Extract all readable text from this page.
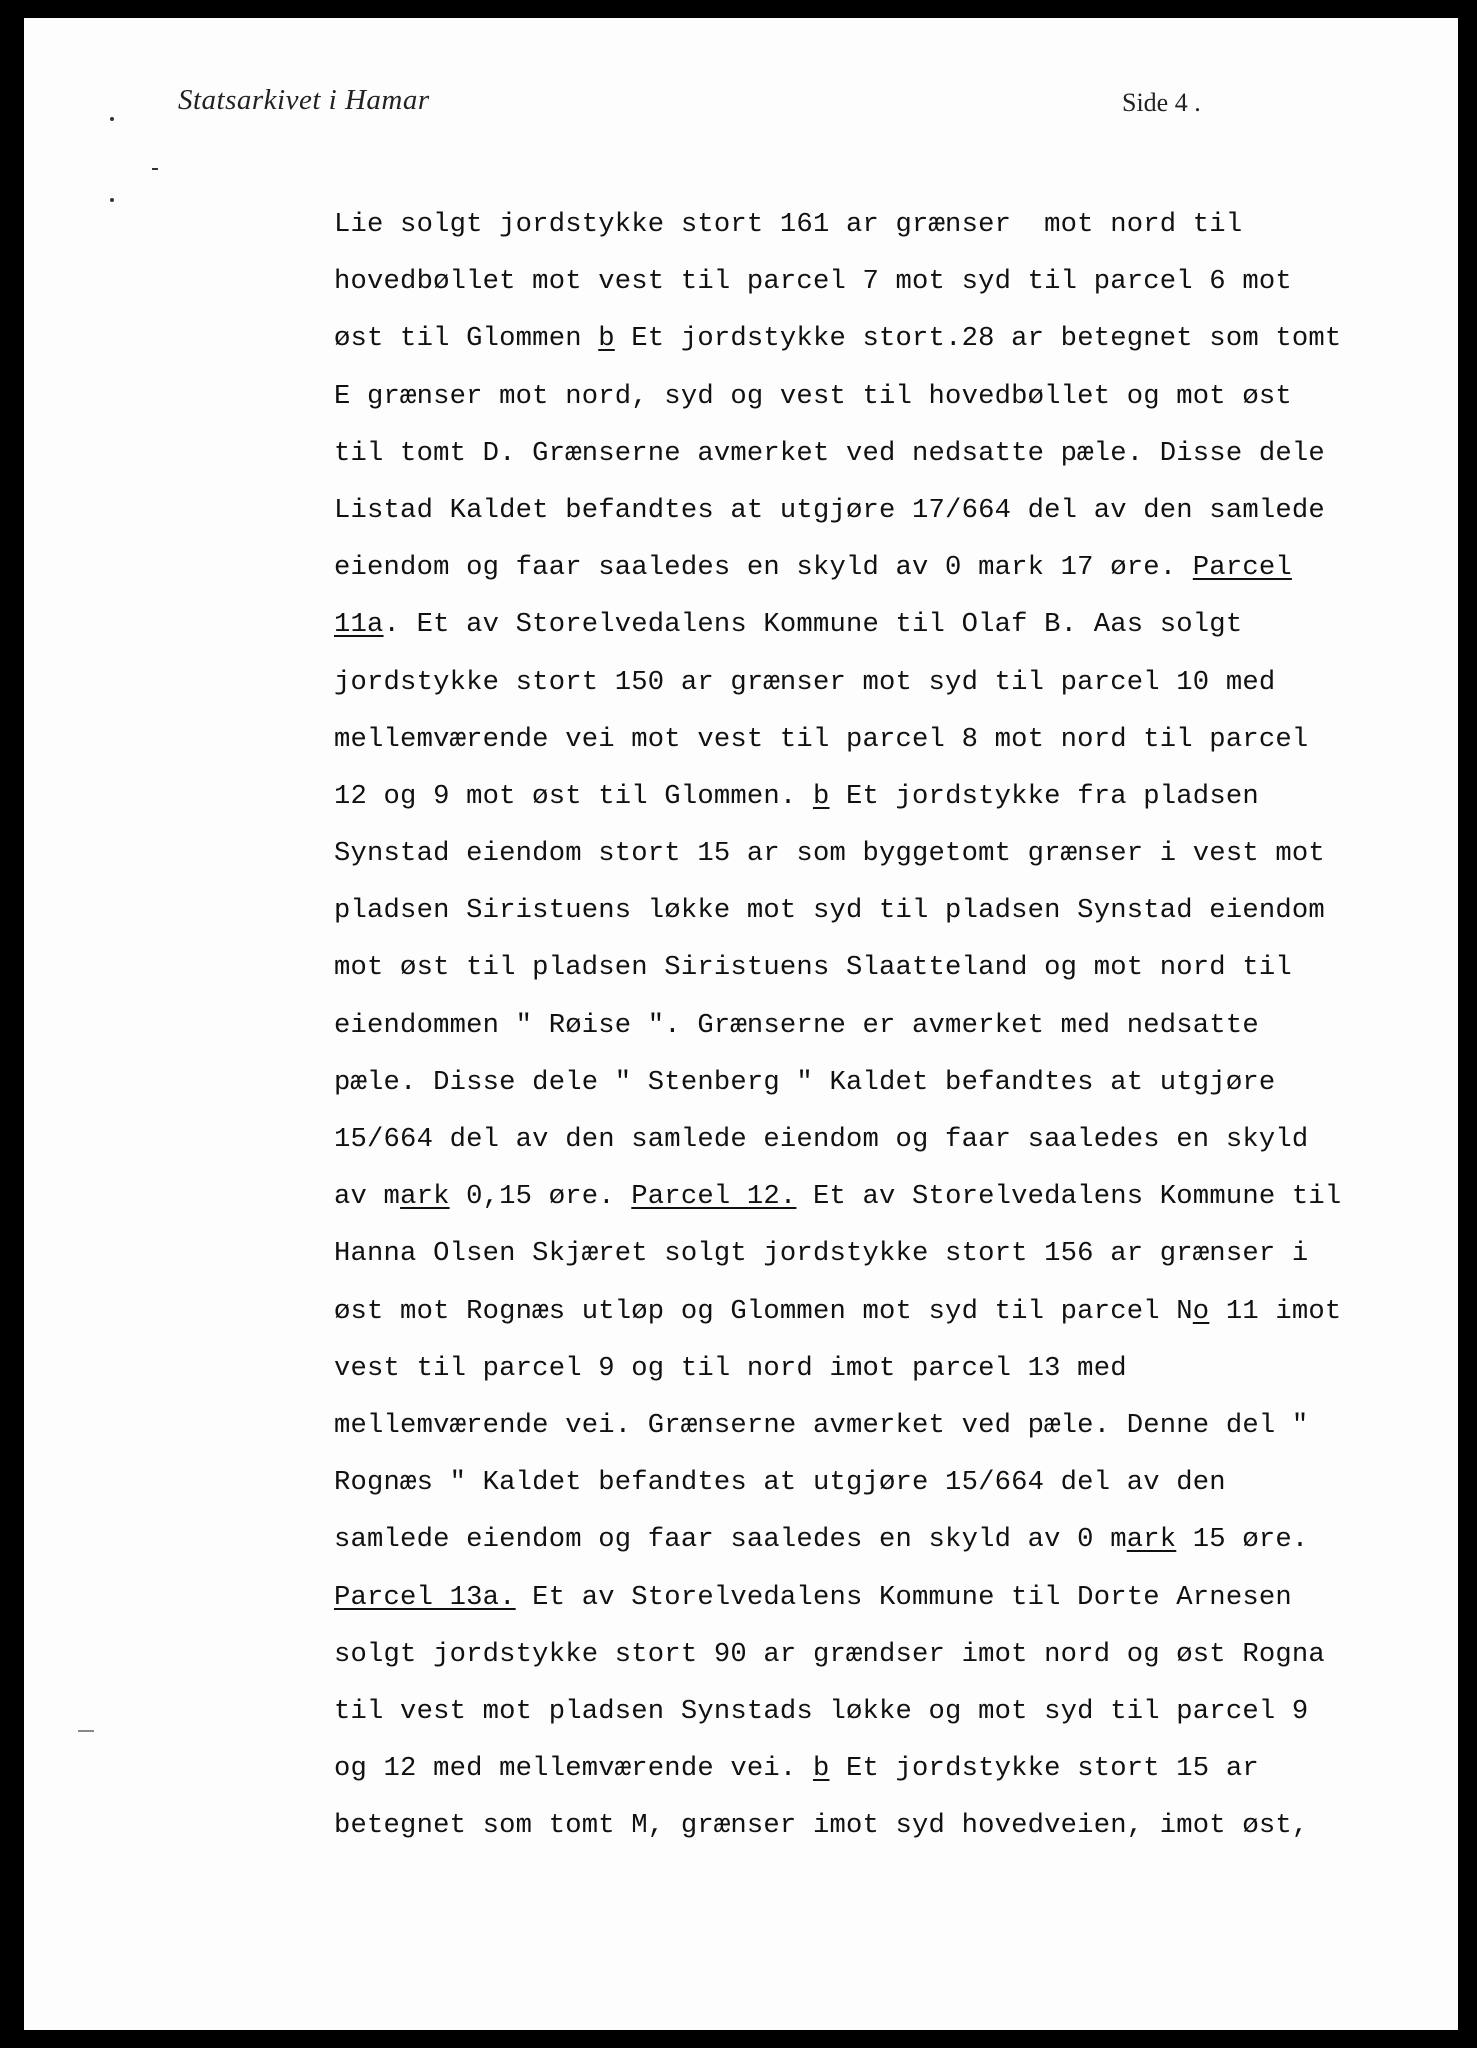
Statsarkivet i Hamar	Side 4 .
Lie solgt jordstykke stort 161 ar grænser  mot nord til
hovedbøllet mot vest til parcel 7 mot syd til parcel 6 mot
øst til Glommen b Et jordstykke stort.28 ar betegnet som tomt
E grænser mot nord, syd og vest til hovedbøllet og mot øst
til tomt D. Grænserne avmerket ved nedsatte pæle. Disse dele
Listad Kaldet befandtes at utgjøre 17/664 del av den samlede
eiendom og faar saaledes en skyld av 0 mark 17 øre. Parcel
11a. Et av Storelvedalens Kommune til Olaf B. Aas solgt
jordstykke stort 150 ar grænser mot syd til parcel 10 med
mellemværende vei mot vest til parcel 8 mot nord til parcel
12 og 9 mot øst til Glommen. b Et jordstykke fra pladsen
Synstad eiendom stort 15 ar som byggetomt grænser i vest mot
pladsen Siristuens løkke mot syd til pladsen Synstad eiendom
mot øst til pladsen Siristuens Slaatteland og mot nord til
eiendommen " Røise ". Grænserne er avmerket med nedsatte
pæle. Disse dele " Stenberg " Kaldet befandtes at utgjøre
15/664 del av den samlede eiendom og faar saaledes en skyld
av mark 0,15 øre. Parcel 12. Et av Storelvedalens Kommune til
Hanna Olsen Skjæret solgt jordstykke stort 156 ar grænser i
øst mot Rognæs utløp og Glommen mot syd til parcel No 11 imot
vest til parcel 9 og til nord imot parcel 13 med
mellemværende vei. Grænserne avmerket ved pæle. Denne del "
Rognæs " Kaldet befandtes at utgjøre 15/664 del av den
samlede eiendom og faar saaledes en skyld av 0 mark 15 øre.
Parcel 13a. Et av Storelvedalens Kommune til Dorte Arnesen
solgt jordstykke stort 90 ar grændser imot nord og øst Rogna
til vest mot pladsen Synstads løkke og mot syd til parcel 9
og 12 med mellemværende vei. b Et jordstykke stort 15 ar
betegnet som tomt M, grænser imot syd hovedveien, imot øst,
